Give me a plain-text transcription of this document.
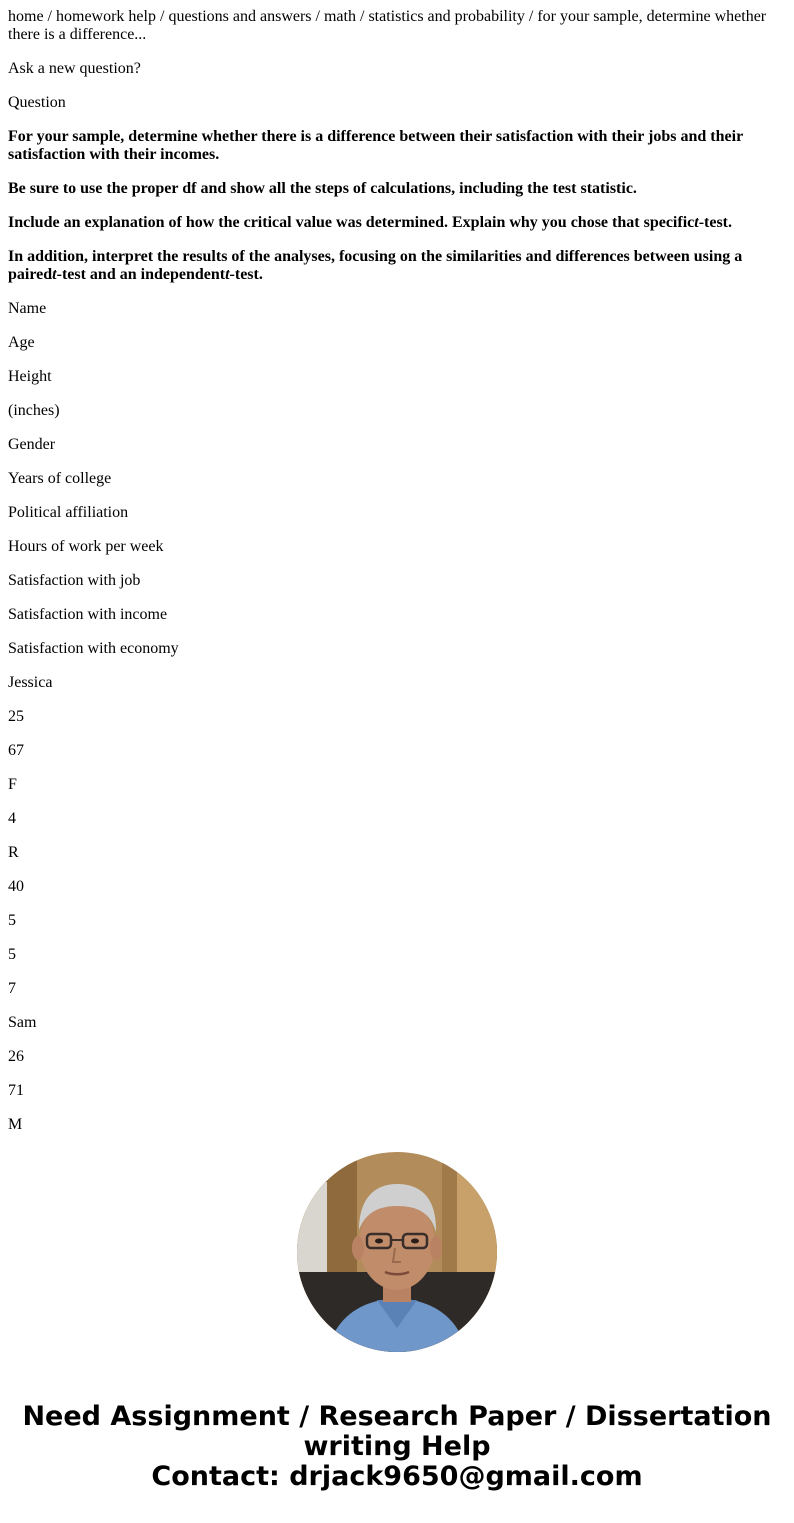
home / homework help / questions and answers / math / statistics and probability / for your sample, determine whether there is a difference...

Ask a new question?

Question

For your sample, determine whether there is a difference between their satisfaction with their jobs and their satisfaction with their incomes.

Be sure to use the proper df and show all the steps of calculations, including the test statistic.

Include an explanation of how the critical value was determined. Explain why you chose that specifict-test.

In addition, interpret the results of the analyses, focusing on the similarities and differences between using a pairedt-test and an independentt-test.

Name

Age

Height

(inches)

Gender

Years of college

Political affiliation

Hours of work per week

Satisfaction with job

Satisfaction with income

Satisfaction with economy

Jessica

25

67

F

4

R

40

5

5

7

Sam

26

71

M

Need Assignment / Research Paper / Dissertation
writing Help
Contact: drjack9650@gmail.com
